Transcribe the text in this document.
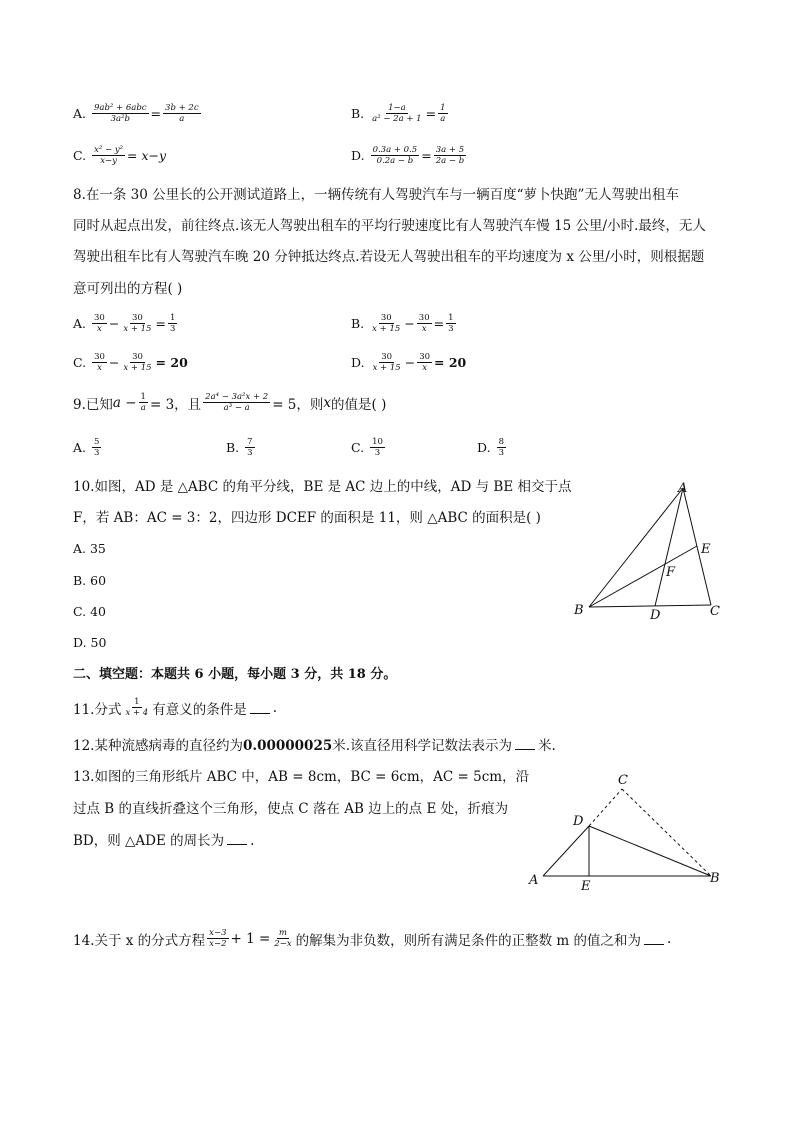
A. $\frac{\text{9ab² + 6abc}}{\text{3a²b}} = \frac{3b + 2c}{a}$	B. $\frac{1-a}{\text{a² − 2a + 1}} = \frac{1}{a}$
C. $\frac{\text{x² − y²}}{x-y} = x-y$	D. $\frac{0.3a + 0.5}{0.2a - b} = \frac{3a + 5}{2a - b}$
8.在一条 30 公里长的公开测试道路上，一辆传统有人驾驶汽车与一辆百度“萝卜快跑”无人驾驶出租车
同时从起点出发，前往终点.该无人驾驶出租车的平均行驶速度比有人驾驶汽车慢 15 公里/小时.最终，无人
驾驶出租车比有人驾驶汽车晚 20 分钟抵达终点.若设无人驾驶出租车的平均速度为 x 公里/小时，则根据题
意可列出的方程( )
A. $\frac{30}{x} - \frac{30}{x + 15} = \frac{1}{3}$	B. $\frac{30}{x + 15} - \frac{30}{x} = \frac{1}{3}$
C. $\frac{30}{x} - \frac{30}{x + 15} = 20$	D. $\frac{30}{x + 15} - \frac{30}{x} = 20$
9.已知 $a - \frac{1}{a} = 3$，且 $\frac{\text{2a⁴ − 3a²x + 2}}{\text{a³ − a}} = 5$，则 x 的值是( )
A. $\frac{5}{3}$	B. $\frac{7}{3}$	C. $\frac{10}{3}$	D. $\frac{8}{3}$
10.如图，AD 是 △ABC 的角平分线，BE 是 AC 边上的中线，AD 与 BE 相交于点
F，若 AB：AC = 3：2，四边形 DCEF 的面积是 11，则 △ABC 的面积是( )
A. 35
B. 60
C. 40
D. 50
A
B	C
D
E
F
二、填空题：本题共 6 小题，每小题 3 分，共 18 分。
11.分式 $\frac{1}{x + 4}$ 有意义的条件是 .
12.某种流感病毒的直径约为0.00000025米.该直径用科学记数法表示为 米.
13.如图的三角形纸片 ABC 中，AB = 8cm，BC = 6cm，AC = 5cm，沿
过点 B 的直线折叠这个三角形，使点 C 落在 AB 边上的点 E 处，折痕为
BD，则 △ADE 的周长为 .
A	B
C
D
E
14.关于 x 的分式方程 $\frac{x-3}{x-2} + 1 = \frac{m}{2-x}$ 的解集为非负数，则所有满足条件的正整数 m 的值之和为 .
